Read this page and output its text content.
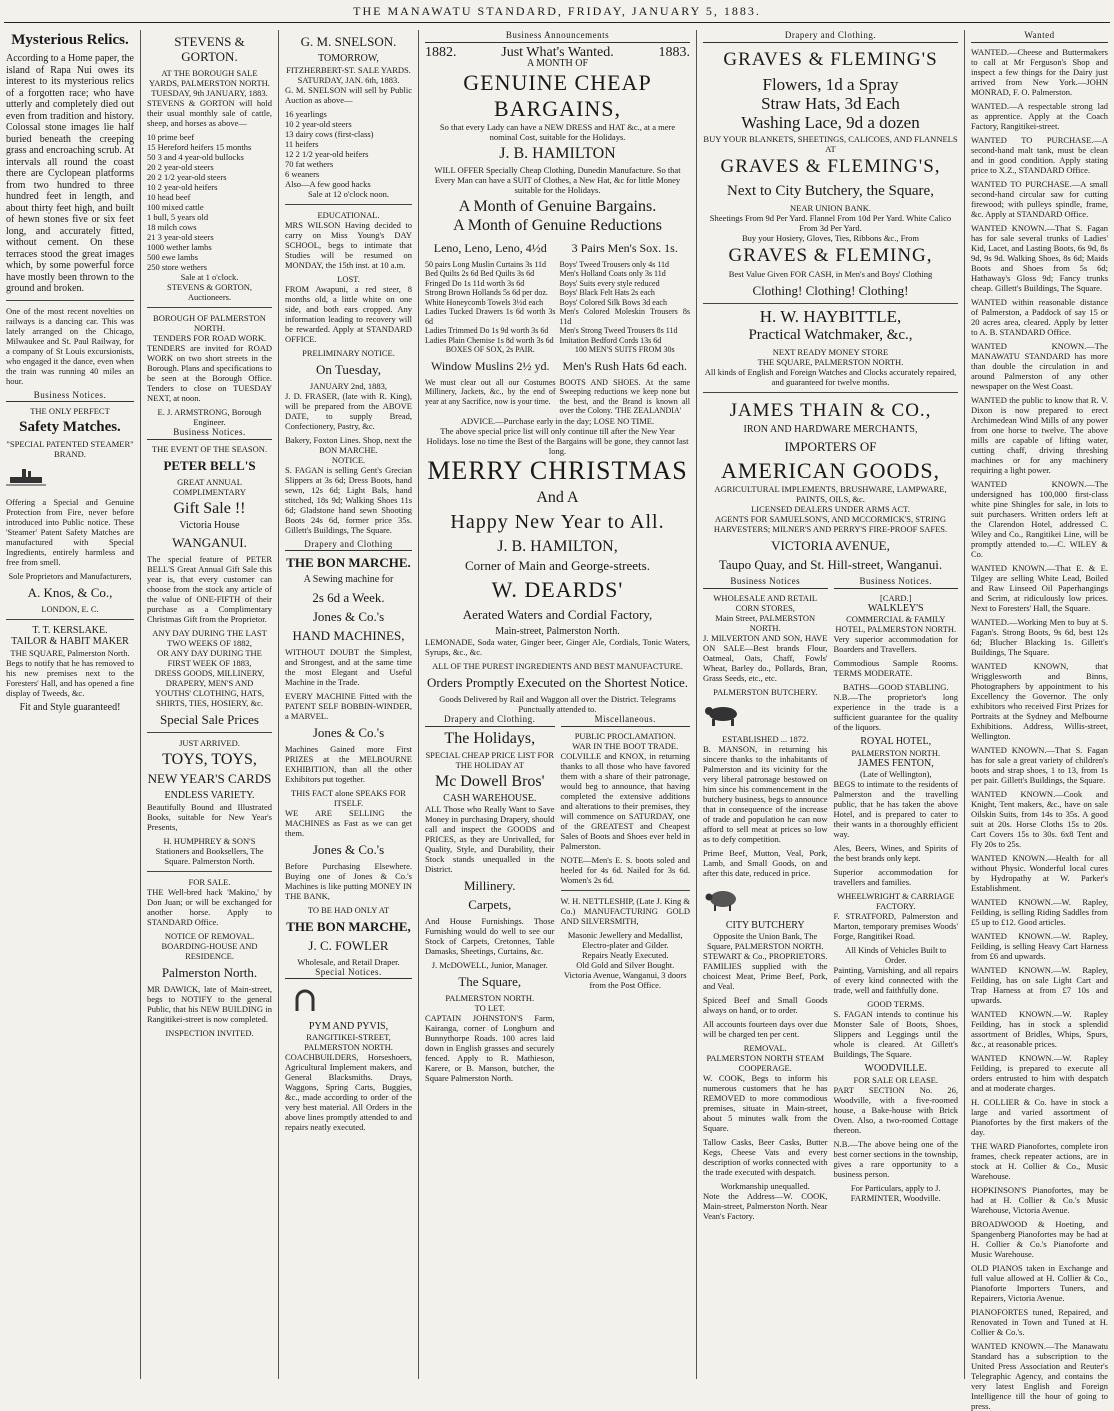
THE MANAWATU STANDARD, FRIDAY, JANUARY 5, 1883.
Mysterious Relics.

According to a Home paper, the island of Rapa Nui owes its interest to its mysterious relics of a forgotten race; who have utterly and completely died out even from tradition and history. Colossal stone images lie half buried beneath the creeping grass and encroaching scrub. At intervals all round the coast there are Cyclopean platforms from two hundred to three hundred feet in length, and about thirty feet high, and built of hewn stones five or six feet long, and accurately fitted, without cement. On these terraces stood the great images which, by some powerful force have mostly been thrown to the ground and broken.

One of the most recent novelties on railways is a dancing car. This was lately arranged on the Chicago, Milwaukee and St. Paul Railway, for a company of St Louis excursionists, who engaged it the dance, even when the train was running 40 miles an hour.

Business Notices.
THE ONLY PERFECT
Safety Matches.
"SPECIAL PATENTED STEAMER" BRAND.

Offering a Special and Genuine Protection from Fire, never before introduced into Public notice. These 'Steamer' Patent Safety Matches are manufactured with Special Ingredients, entirely harmless and free from smell.

Sole Proprietors and Manufacturers,
A. Knos, & Co.,
LONDON, E. C.
T. T. KERSLAKE.
TAILOR & HABIT MAKER
THE SQUARE, Palmerston North.

Begs to notify that he has removed to his new premises next to the Foresters' Hall, and has opened a fine display of Tweeds, &c.

Fit and Style guaranteed!
STEVENS & GORTON.
AT THE BOROUGH SALE YARDS, PALMERSTON NORTH.
TUESDAY, 9th JANUARY, 1883.

STEVENS & GORTON will hold their usual monthly sale of cattle, sheep, and horses as above—

10 prime beef
15 Hereford heifers 15 months
50 3 and 4 year-old bullocks
20 2 year-old steers
20 2 1/2 year-old steers
10 2 year-old heifers
10 head beef
100 mixed cattle
1 bull, 5 years old
18 milch cows
21 3 year-old steers
1000 wether lambs
500 ewe lambs
250 store wethers
Sale at 1 o'clock.
STEVENS & GORTON, Auctioneers.
BOROUGH OF PALMERSTON NORTH.
TENDERS FOR ROAD WORK.

TENDERS are invited for ROAD WORK on two short streets in the Borough. Plans and specifications to be seen at the Borough Office. Tenders to close on TUESDAY NEXT, at noon.

E. J. ARMSTRONG, Borough Engineer.
Business Notices.
THE EVENT OF THE SEASON.
PETER BELL'S
GREAT ANNUAL COMPLIMENTARY
Gift Sale !!
Victoria House
WANGANUI.

The special feature of PETER BELL'S Great Annual Gift Sale this year is, that every customer can choose from the stock any article of the value of ONE-FIFTH of their purchase as a Complimentary Christmas Gift from the Proprietor.

ANY DAY DURING THE LAST TWO WEEKS OF 1882,
OR ANY DAY DURING THE FIRST WEEK OF 1883,
DRESS GOODS, MILLINERY, DRAPERY, MEN'S AND YOUTHS' CLOTHING, HATS, SHIRTS, TIES, HOSIERY, &c.
Special Sale Prices
JUST ARRIVED.
TOYS, TOYS,
NEW YEAR'S CARDS
ENDLESS VARIETY.

Beautifully Bound and Illustrated Books, suitable for New Year's Presents,

H. HUMPHREY & SON'S Stationers and Booksellers, The Square. Palmerston North.
FOR SALE.

THE Well-bred hack 'Makino,' by Don Juan; or will be exchanged for another horse. Apply to STANDARD Office.

NOTICE OF REMOVAL.
BOARDING-HOUSE AND RESIDENCE.
Palmerston North.

MR DAWICK, late of Main-street, begs to NOTIFY to the general Public, that his NEW BUILDING in Rangitikei-street is now completed.

INSPECTION INVITED.
G. M. SNELSON.
TOMORROW,
FITZHERBERT-ST. SALE YARDS.
SATURDAY, JAN. 6th, 1883.

G. M. SNELSON will sell by Public Auction as above—

16 yearlings
10 2 year-old steers
13 dairy cows (first-class)
11 heifers
12 2 1/2 year-old heifers
70 fat wethers
6 weaners
Also—A few good hacks
Sale at 12 o'clock noon.
EDUCATIONAL.

MRS WILSON Having decided to carry on Miss Young's DAY SCHOOL, begs to intimate that Studies will be resumed on MONDAY, the 15th inst. at 10 a.m.

LOST.

FROM Awapuni, a red steer, 8 months old, a little white on one side, and both ears cropped. Any information leading to recovery will be rewarded. Apply at STANDARD OFFICE.

PRELIMINARY NOTICE.
On Tuesday,
JANUARY 2nd, 1883,

J. D. FRASER, (late with R. King), will be prepared from the ABOVE DATE, to supply Bread, Confectionery, Pastry, &c.

Bakery, Foxton Lines. Shop, next the BON MARCHE.
NOTICE.

S. FAGAN is selling Gent's Grecian Slippers at 3s 6d; Dress Boots, hand sewn, 12s 6d; Light Bals, hand stitched, 18s 9d; Walking Shoes 11s 6d; Gladstone hand sewn Shooting Boots 24s 6d, former price 35s. Gillett's Buildings, The Square.

Drapery and Clothing
THE BON MARCHE.
A Sewing machine for
2s 6d a Week.
Jones & Co.'s
HAND MACHINES,

WITHOUT DOUBT the Simplest, and Strongest, and at the same time the most Elegant and Useful Machine in the Trade.

EVERY MACHINE Fitted with the PATENT SELF BOBBIN-WINDER, a MARVEL.

Jones & Co.'s

Machines Gained more First PRIZES at the MELBOURNE EXHIBITION, than all the other Exhibitors put together.

THIS FACT alone SPEAKS FOR ITSELF.

WE ARE SELLING the MACHINES as Fast as we can get them.

Jones & Co.'s

Before Purchasing Elsewhere. Buying one of Jones & Co.'s Machines is like putting MONEY IN THE BANK,

TO BE HAD ONLY AT
THE BON MARCHE,
J. C. FOWLER
Wholesale, and Retail Draper.
Special Notices.
PYM AND PYVIS,
RANGITIKEI-STREET, PALMERSTON NORTH.

COACHBUILDERS, Horseshoers, Agricultural Implement makers, and General Blacksmiths. Drays, Waggons, Spring Carts, Buggies, &c., made according to order of the very best material. All Orders in the above lines promptly attended to and repairs neatly executed.

Business Announcements
1882.	Just What's Wanted.	1883.
A MONTH OF
GENUINE CHEAP BARGAINS,
So that every Lady can have a NEW DRESS and HAT &c., at a mere nominal Cost, suitable for the Holidays.
J. B. HAMILTON
WILL OFFER Specially Cheap Clothing, Dunedin Manufacture. So that Every Man can have a SUIT of Clothes, a New Hat, &c for little Money suitable for the Holidays.
A Month of Genuine Bargains.
A Month of Genuine Reductions
Leno, Leno, Leno, 4½d
50 pairs Long Muslin Curtains 3s 11d
Bed Quilts 2s 6d Bed Quilts 3s 6d
Fringed Do 1s 11d worth 3s 6d
Strong Brown Hollands 5s 6d per doz.
White Honeycomb Towels 3½d each
Ladies Tucked Drawers 1s 6d worth 3s 6d
Ladies Trimmed Do 1s 9d worth 3s 6d
Ladies Plain Chemise 1s 8d worth 3s 6d
BOXES OF SOX, 2s PAIR.
Window Muslins 2½ yd.
We must clear out all our Costumes Millinery, Jackets, &c., by the end of year at any Sacrifice, now is your time.
3 Pairs Men's Sox. 1s.
Boys' Tweed Trousers only 4s 11d
Men's Holland Coats only 3s 11d
Boys' Suits every style reduced
Boys' Black Felt Hats 2s each
Boys' Colored Silk Bows 3d each
Men's Colored Moleskin Trousers 8s 11d
Men's Strong Tweed Trousers 8s 11d
Imitation Bedford Cords 13s 6d
100 MEN'S SUITS FROM 30s
Men's Rush Hats 6d each.
BOOTS AND SHOES. At the same Sweeping reductions we keep none but the best, and the Brand is known all over the Colony. 'THE ZEALANDIA'
ADVICE.—Purchase early in the day; LOSE NO TIME.
The above special price list will only continue till after the New Year Holidays. lose no time the Best of the Bargains will be gone, they cannot last long.
MERRY CHRISTMAS
And A
Happy New Year to All.
J. B. HAMILTON,
Corner of Main and George-streets.
W. DEARDS'
Aerated Waters and Cordial Factory,
Main-street, Palmerston North.

LEMONADE, Soda water, Ginger beer, Ginger Ale, Cordials, Tonic Waters, Syrups, &c., &c.

ALL OF THE PUREST INGREDIENTS AND BEST MANUFACTURE.
Orders Promptly Executed on the Shortest Notice.
Goods Delivered by Rail and Waggon all over the District. Telegrams Punctually attended to.
Drapery and Clothing.
The Holidays,
SPECIAL CHEAP PRICE LIST FOR THE HOLIDAY AT
Mc Dowell Bros'
CASH WAREHOUSE.

ALL Those who Really Want to Save Money in purchasing Drapery, should call and inspect the GOODS and PRICES, as they are Unrivalled, for Quality, Style, and Durability, their Stock stands unequalled in the District.

Millinery.
Carpets,

And House Furnishings. Those Furnishing would do well to see our Stock of Carpets, Cretonnes, Table Damasks, Sheetings, Curtains, &c.

J. McDOWELL, Junior, Manager.
The Square,
PALMERSTON NORTH.
TO LET.

CAPTAIN JOHNSTON'S Farm, Kairanga, corner of Longburn and Bunnythorpe Roads. 100 acres laid down in English grasses and securely fenced. Apply to R. Mathieson, Karere, or B. Manson, butcher, the Square Palmerston North.

Miscellaneous.
PUBLIC PROCLAMATION.
WAR IN THE BOOT TRADE.

COLVILLE and KNOX, in returning thanks to all those who have favored them with a share of their patronage, would beg to announce, that having completed the extensive additions and alterations to their premises, they will commence on SATURDAY, one of the GREATEST and Cheapest Sales of Boots and Shoes ever held in Palmerston.

NOTE—Men's E. S. boots soled and heeled for 4s 6d. Nailed for 3s 6d. Women's 2s 6d.

W. H. NETTLESHIP, (Late J. King & Co.) MANUFACTURING GOLD AND SILVERSMITH,

Masonic Jewellery and Medallist, Electro-plater and Gilder.
Repairs Neatly Executed.
Old Gold and Silver Bought.
Victoria Avenue, Wanganui, 3 doors from the Post Office.
Drapery and Clothing.
GRAVES & FLEMING'S
Flowers, 1d a Spray
Straw Hats, 3d Each
Washing Lace, 9d a dozen
BUY YOUR BLANKETS, SHEETINGS, CALICOES, AND FLANNELS AT
GRAVES & FLEMING'S,
Next to City Butchery, the Square,
NEAR UNION BANK.
Sheetings From 9d Per Yard. Flannel From 10d Per Yard. White Calico From 3d Per Yard.
Buy your Hosiery, Gloves, Ties, Ribbons &c., From
GRAVES & FLEMING,
Best Value Given FOR CASH, in Men's and Boys' Clothing
Clothing! Clothing! Clothing!
H. W. HAYBITTLE,
Practical Watchmaker, &c.,
NEXT READY MONEY STORE
THE SQUARE, PALMERSTON NORTH.
All kinds of English and Foreign Watches and Clocks accurately repaired, and guaranteed for twelve months.
JAMES THAIN & CO.,
IRON AND HARDWARE MERCHANTS,
IMPORTERS OF
AMERICAN GOODS,
AGRICULTURAL IMPLEMENTS, BRUSHWARE, LAMPWARE, PAINTS, OILS, &c.
LICENSED DEALERS UNDER ARMS ACT.
AGENTS FOR SAMUELSON'S, AND MCCORMICK'S, STRING HARVESTERS; MILNER'S AND PERRY'S FIRE-PROOF SAFES.
VICTORIA AVENUE,
Taupo Quay, and St. Hill-street, Wanganui.
Business Notices
WHOLESALE AND RETAIL CORN STORES,
Main Street, PALMERSTON NORTH.

J. MILVERTON AND SON, HAVE ON SALE—Best brands Flour, Oatmeal, Oats, Chaff, Fowls' Wheat, Barley do., Pollards, Bran, Grass Seeds, etc., etc.

PALMERSTON BUTCHERY.
ESTABLISHED ... 1872.

B. MANSON, in returning his sincere thanks to the inhabitants of Palmerston and its vicinity for the very liberal patronage bestowed on him since his commencement in the butchery business, begs to announce that in consequence of the increase of trade and population he can now afford to sell meat at prices so low as to defy competition.

Prime Beef, Mutton, Veal, Pork, Lamb, and Small Goods, on and after this date, reduced in price.

CITY BUTCHERY
Opposite the Union Bank, The Square, PALMERSTON NORTH.

STEWART & Co., PROPRIETORS. FAMILIES supplied with the choicest Meat, Prime Beef, Pork, and Veal.

Spiced Beef and Small Goods always on hand, or to order.

All accounts fourteen days over due will be charged ten per cent.

REMOVAL.
PALMERSTON NORTH STEAM COOPERAGE.

W. COOK, Begs to inform his numerous customers that he has REMOVED to more commodious premises, situate in Main-street, about 5 minutes walk from the Square.

Tallow Casks, Beer Casks, Butter Kegs, Cheese Vats and every description of works connected with the trade executed with despatch.

Workmanship unequalled.

Note the Address—W. COOK, Main-street, Palmerston North. Near Vean's Factory.

Business Notices.
[CARD.]
WALKLEY'S
COMMERCIAL & FAMILY HOTEL, PALMERSTON NORTH.

Very superior accommodation for Boarders and Travellers.

Commodious Sample Rooms. TERMS MODERATE.

BATHS—GOOD STABLING.

N.B.—The proprietor's long experience in the trade is a sufficient guarantee for the quality of the liquors.

ROYAL HOTEL,
PALMERSTON NORTH.
JAMES FENTON,
(Late of Wellington),

BEGS to intimate to the residents of Palmerston and the travelling public, that he has taken the above Hotel, and is prepared to cater to their wants in a thoroughly efficient way.

Ales, Beers, Wines, and Spirits of the best brands only kept.

Superior accommodation for travellers and families.

WHEELWRIGHT & CARRIAGE FACTORY.

F. STRATFORD, Palmerston and Marton, temporary premises Woods' Forge, Rangitikei Road.

All Kinds of Vehicles Built to Order.

Painting, Varnishing, and all repairs of every kind connected with the trade, well and faithfully done.

GOOD TERMS.

S. FAGAN intends to continue his Monster Sale of Boots, Shoes, Slippers and Leggings until the whole is cleared. At Gillett's Buildings, The Square.

WOODVILLE.
FOR SALE OR LEASE.

PART SECTION No. 26, Woodville, with a five-roomed house, a Bake-house with Brick Oven. Also, a two-roomed Cottage thereon.

N.B.—The above being one of the best corner sections in the township, gives a rare opportunity to a business person.

For Particulars, apply to J. FARMINTER, Woodville.
Wanted

WANTED.—Cheese and Buttermakers to call at Mr Ferguson's Shop and inspect a few things for the Dairy just arrived from New York.—JOHN MONRAD, F. O. Palmerston.

WANTED.—A respectable strong lad as apprentice. Apply at the Coach Factory, Rangitikei-street.

WANTED TO PURCHASE.—A second-hand malt tank, must be clean and in good condition. Apply stating price to X.Z., STANDARD Office.

WANTED TO PURCHASE.—A small second-hand circular saw for cutting firewood; with pulleys spindle, frame, &c. Apply at STANDARD Office.

WANTED KNOWN.—That S. Fagan has for sale several trunks of Ladies' Kid, Lacet, and Lasting Boots, 6s 9d, 8s 9d, 9s 9d. Walking Shoes, 8s 6d; Maids Boots and Shoes from 5s 6d; Hathaway's Gloss 9d; Fancy trunks cheap. Gillett's Buildings, The Square.

WANTED within reasonable distance of Palmerston, a Paddock of say 15 or 20 acres area, cleared. Apply by letter to A. B. STANDARD Office.

WANTED KNOWN.—The MANAWATU STANDARD has more than double the circulation in and around Palmerston of any other newspaper on the West Coast.

WANTED the public to know that R. V. Dixon is now prepared to erect Archimedean Wind Mills of any power from one horse to twelve. The above mills are capable of lifting water, cutting chaff, driving threshing machines or for any machinery requiring a light power.

WANTED KNOWN.—The undersigned has 100,000 first-class white pine Shingles for sale, in lots to suit purchasers. Written orders left at the Clarendon Hotel, addressed C. Wiley and Co., Rangitikei Line, will be promptly attended to.—C. WILEY & Co.

WANTED KNOWN.—That E. & E. Tilgey are selling White Lead, Boiled and Raw Linseed Oil Paperhangings and Scrim, at ridiculously low prices. Next to Foresters' Hall, the Square.

WANTED.—Working Men to buy at S. Fagan's. Strong Boots, 9s 6d, best 12s 6d; Blucher Blacking 1s. Gillett's Buildings, The Square.

WANTED KNOWN, that Wrigglesworth and Binns, Photographers by appointment to his Excellency the Governor. The only exhibitors who received First Prizes for Portraits at the Sydney and Melbourne Exhibitions. Address, Willis-street, Wellington.

WANTED KNOWN.—That S. Fagan has for sale a great variety of children's boots and strap shoes, 1 to 13, from 1s per pair. Gillett's Buildings, the Square.

WANTED KNOWN.—Cook and Knight, Tent makers, &c., have on sale Oilskin Suits, from 14s to 35s. A good suit at 20s. Horse Cloths 15s to 20s. Cart Covers 15s to 30s. 6x8 Tent and Fly 20s to 25s.

WANTED KNOWN.—Health for all without Physic. Wonderful local cures by Hydropathy at W. Parker's Establishment.

WANTED KNOWN.—W. Rapley, Feilding, is selling Riding Saddles from £5 up to £12. Good articles.

WANTED KNOWN.—W. Rapley, Feilding, is selling Heavy Cart Harness from £6 and upwards.

WANTED KNOWN.—W. Rapley, Feilding, has on sale Light Cart and Trap Harness at from £7 10s and upwards.

WANTED KNOWN.—W. Rapley Feilding, has in stock a splendid assortment of Bridles, Whips, Spurs, &c., at reasonable prices.

WANTED KNOWN.—W. Rapley Feilding, is prepared to execute all orders entrusted to him with despatch and at moderate charges.

H. COLLIER & Co. have in stock a large and varied assortment of Pianofortes by the first makers of the day.

THE WARD Pianofortes, complete iron frames, check repeater actions, are in stock at H. Collier & Co., Music Warehouse.

HOPKINSON'S Pianofortes, may be had at H. Collier & Co.'s Music Warehouse, Victoria Avenue.

BROADWOOD & Hoeting, and Spangenberg Pianofortes may be had at H. Collier & Co.'s Pianoforte and Music Warehouse.

OLD PIANOS taken in Exchange and full value allowed at H. Collier & Co., Pianoforte Importers Tuners, and Repairers, Victoria Avenue.

PIANOFORTES tuned, Repaired, and Renovated in Town and Tuned at H. Collier & Co.'s.

WANTED KNOWN.—The Manawatu Standard has a subscription to the United Press Association and Reuter's Telegraphic Agency, and contains the very latest English and Foreign Intelligence till the hour of going to press.
